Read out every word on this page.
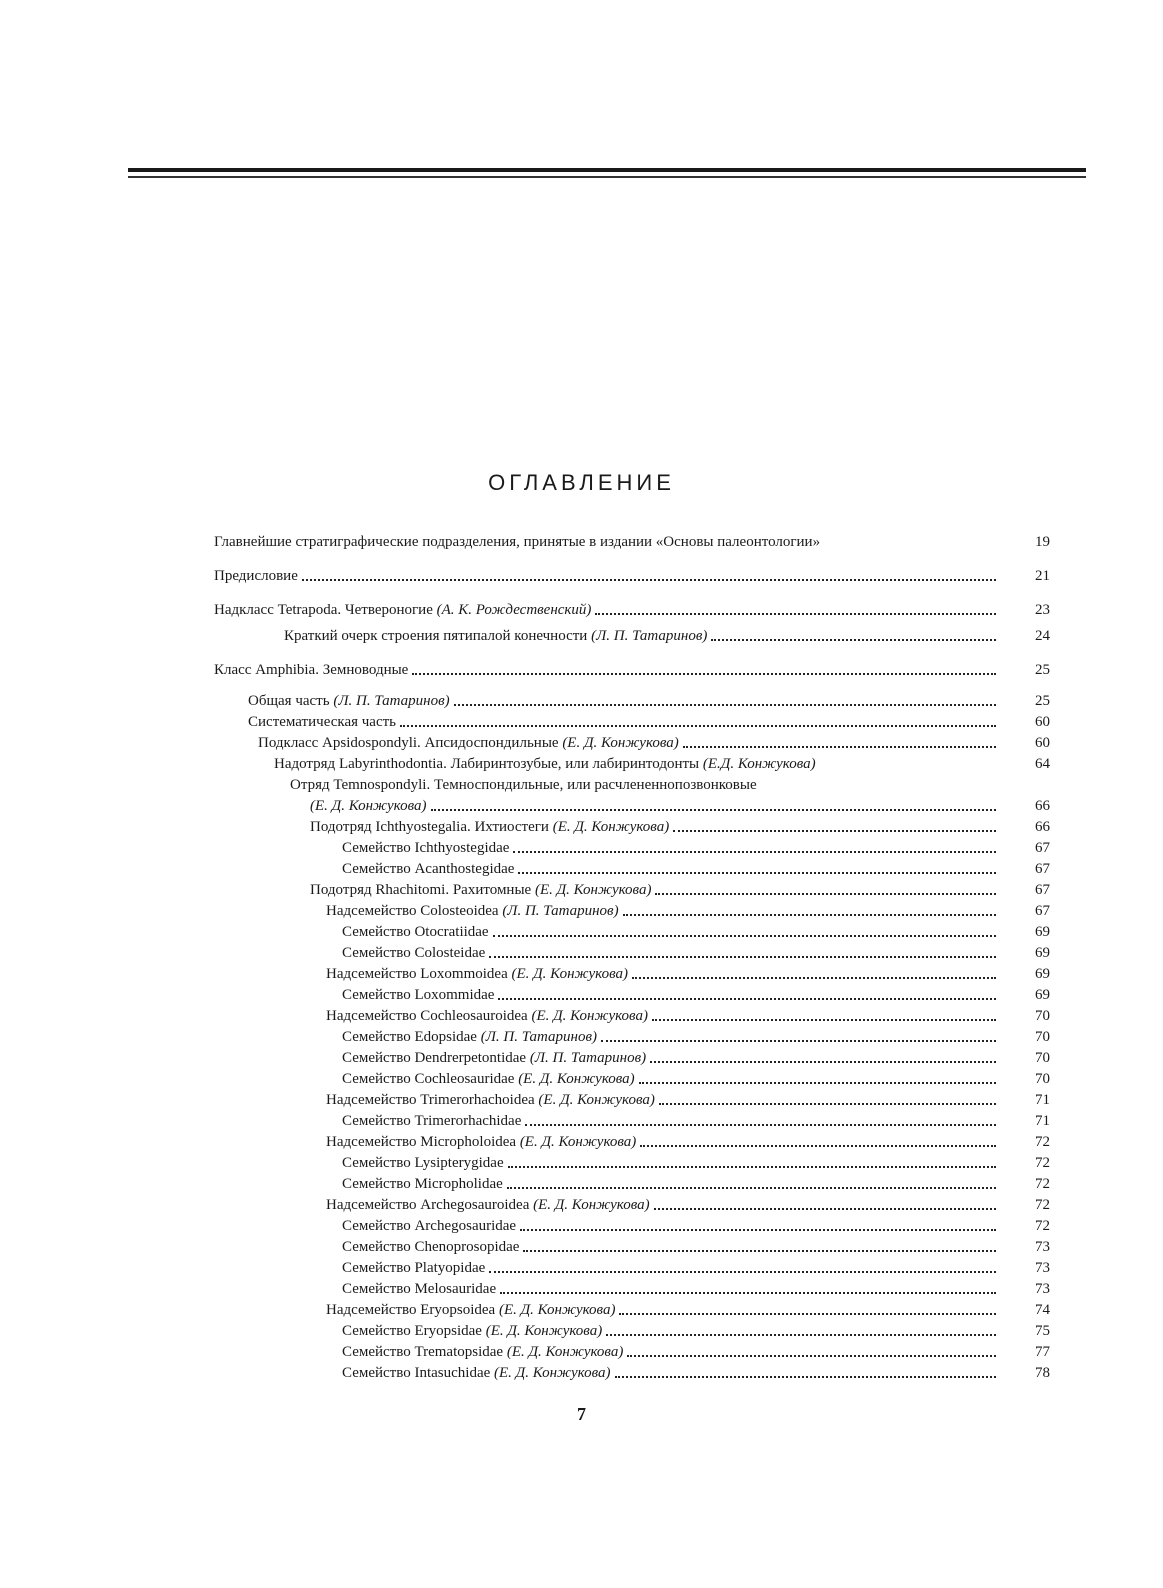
ОГЛАВЛЕНИЕ
Главнейшие стратиграфические подразделения, принятые в издании «Основы палеонтологии»	19
Предисловие	21
Надкласс Tetrapoda. Четвероногие (А. К. Рождественский)	23
Краткий очерк строения пятипалой конечности (Л. П. Татаринов)	24
Класс Amphibia. Земноводные	25
Общая часть (Л. П. Татаринов)	25
Систематическая часть	60
Подкласс Apsidospondyli. Апсидоспондильные (Е. Д. Конжукова)	60
Надотряд Labyrinthodontia. Лабиринтозубые, или лабиринтодонты (Е.Д. Конжукова)	64
Отряд Temnospondyli. Темноспондильные, или расчлененнопозвонковые
(Е. Д. Конжукова)	66
Подотряд Ichthyostegalia. Ихтиостеги (Е. Д. Конжукова)	66
Семейство Ichthyostegidae	67
Семейство Acanthostegidae	67
Подотряд Rhachitomi. Рахитомные (Е. Д. Конжукова)	67
Надсемейство Colosteoidea (Л. П. Татаринов)	67
Семейство Otocratiidae	69
Семейство Colosteidae	69
Надсемейство Loxommoidea (Е. Д. Конжукова)	69
Семейство Loxommidae	69
Надсемейство Cochleosauroidea (Е. Д. Конжукова)	70
Семейство Edopsidae (Л. П. Татаринов)	70
Семейство Dendrerpetontidae (Л. П. Татаринов)	70
Семейство Cochleosauridae (Е. Д. Конжукова)	70
Надсемейство Trimerorhachoidea (Е. Д. Конжукова)	71
Семейство Trimerorhachidae	71
Надсемейство Micropholoidea (Е. Д. Конжукова)	72
Семейство Lysipterygidae	72
Семейство Micropholidae	72
Надсемейство Archegosauroidea (Е. Д. Конжукова)	72
Семейство Archegosauridae	72
Семейство Chenoprosopidae	73
Семейство Platyopidae	73
Семейство Melosauridae	73
Надсемейство Eryopsoidea (Е. Д. Конжукова)	74
Семейство Eryopsidae (Е. Д. Конжукова)	75
Семейство Trematopsidae (Е. Д. Конжукова)	77
Семейство Intasuchidae (Е. Д. Конжукова)	78
7
